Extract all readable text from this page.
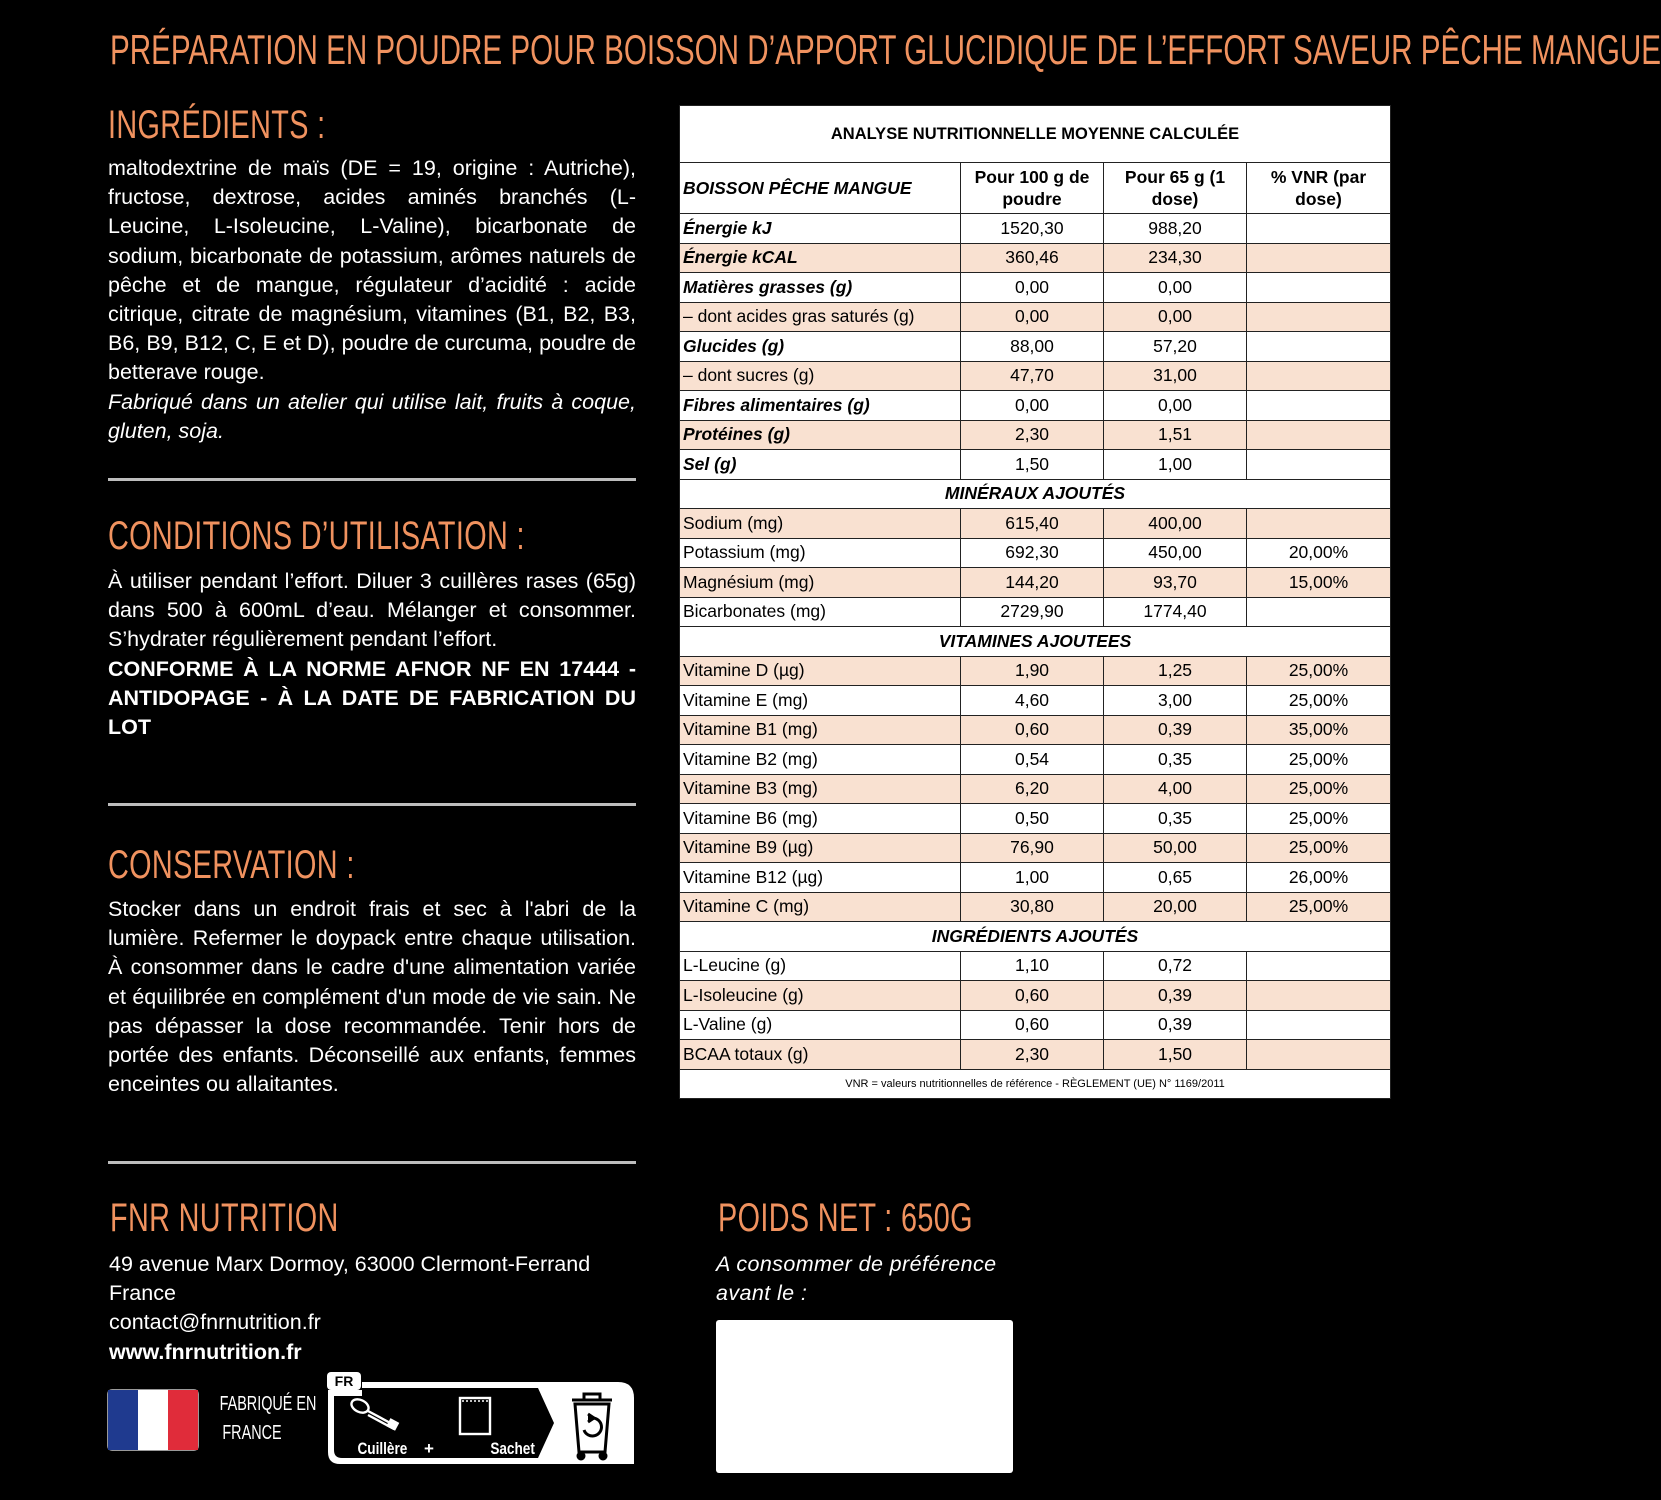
PRÉPARATION EN POUDRE POUR BOISSON D’APPORT GLUCIDIQUE DE L’EFFORT SAVEUR PÊCHE MANGUE
INGRÉDIENTS :

maltodextrine de maïs (DE = 19, origine : Autriche), fructose, dextrose, acides aminés branchés (L-Leucine, L-Isoleucine, L-Valine), bicarbonate de sodium, bicarbonate de potassium, arômes naturels de pêche et de mangue, régulateur d’acidité : acide citrique, citrate de magnésium, vitamines (B1, B2, B3, B6, B9, B12, C, E et D), poudre de curcuma, poudre de betterave rouge.

Fabriqué dans un atelier qui utilise lait, fruits à coque, gluten, soja.

CONDITIONS D’UTILISATION :

À utiliser pendant l’effort. Diluer 3 cuillères rases (65g) dans 500 à 600mL d’eau. Mélanger et consommer. S’hydrater régulièrement pendant l’effort.

CONFORME À LA NORME AFNOR NF EN 17444 - ANTIDOPAGE - À LA DATE DE FABRICATION DU LOT

CONSERVATION :

Stocker dans un endroit frais et sec à l'abri de la lumière. Refermer le doypack entre chaque utilisation. À consommer dans le cadre d'une alimentation variée et équilibrée en complément d'un mode de vie sain. Ne pas dépasser la dose recommandée. Tenir hors de portée des enfants. Déconseillé aux enfants, femmes enceintes ou allaitantes.

ANALYSE NUTRITIONNELLE MOYENNE CALCULÉE			
BOISSON PÊCHE MANGUE	Pour 100 g de poudre	Pour 65 g (1 dose)	% VNR (par dose)
Énergie kJ	1520,30	988,20	
Énergie kCAL	360,46	234,30	
Matières grasses (g)	0,00	0,00	
– dont acides gras saturés (g)	0,00	0,00	
Glucides (g)	88,00	57,20	
– dont sucres (g)	47,70	31,00	
Fibres alimentaires (g)	0,00	0,00	
Protéines (g)	2,30	1,51	
Sel (g)	1,50	1,00	
MINÉRAUX AJOUTÉS			
Sodium (mg)	615,40	400,00	
Potassium (mg)	692,30	450,00	20,00%
Magnésium (mg)	144,20	93,70	15,00%
Bicarbonates (mg)	2729,90	1774,40	
VITAMINES AJOUTEES			
Vitamine D (µg)	1,90	1,25	25,00%
Vitamine E (mg)	4,60	3,00	25,00%
Vitamine B1 (mg)	0,60	0,39	35,00%
Vitamine B2 (mg)	0,54	0,35	25,00%
Vitamine B3 (mg)	6,20	4,00	25,00%
Vitamine B6 (mg)	0,50	0,35	25,00%
Vitamine B9 (µg)	76,90	50,00	25,00%
Vitamine B12 (µg)	1,00	0,65	26,00%
Vitamine C (mg)	30,80	20,00	25,00%
INGRÉDIENTS AJOUTÉS			
L-Leucine (g)	1,10	0,72	
L-Isoleucine (g)	0,60	0,39	
L-Valine (g)	0,60	0,39	
BCAA totaux (g)	2,30	1,50	
VNR = valeurs nutritionnelles de référence - RÈGLEMENT (UE) N° 1169/2011			
FNR NUTRITION
49 avenue Marx Dormoy, 63000 Clermont-Ferrand
France
contact@fnrnutrition.fr
www.fnrnutrition.fr
POIDS NET : 650G
A consommer de préférence avant le :
FABRIQUÉ EN
FRANCE
FR
Cuillère +	Sachet
